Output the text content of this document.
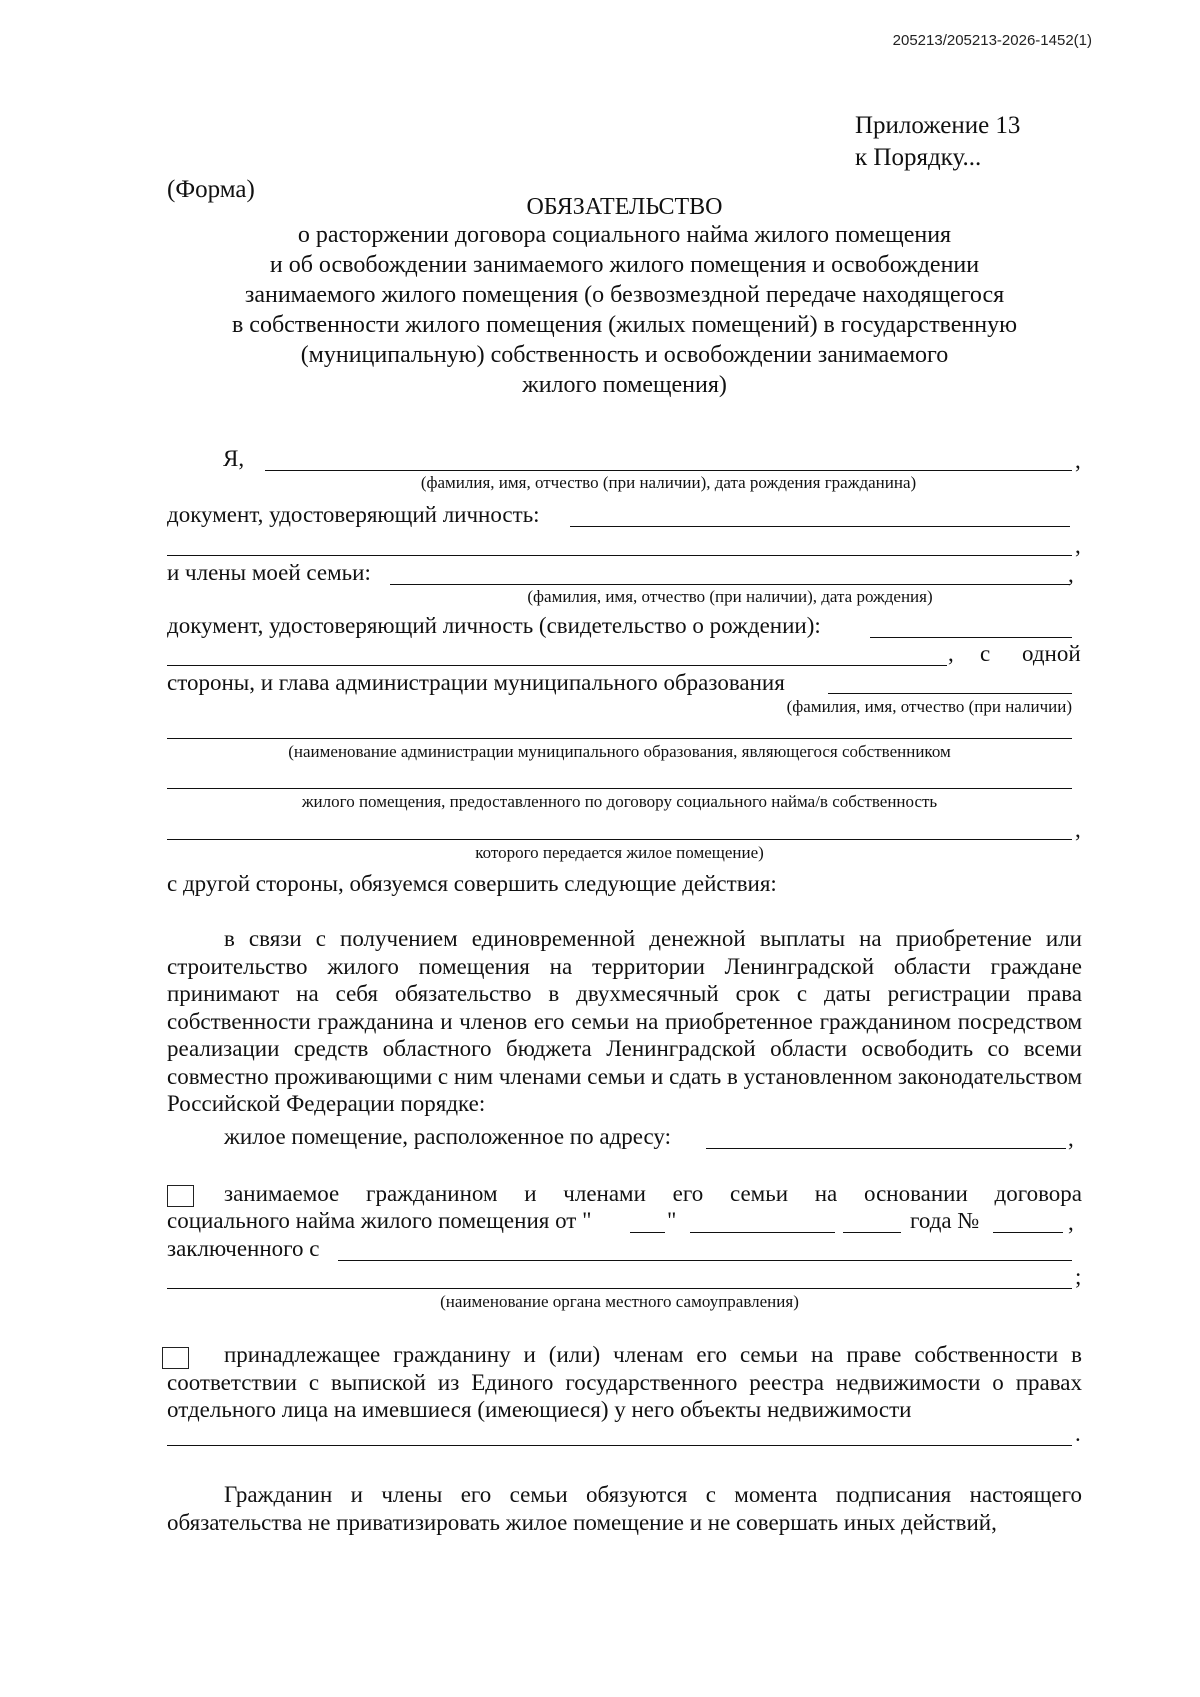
205213/205213-2026-1452(1)
Приложение 13
к Порядку...
(Форма)
ОБЯЗАТЕЛЬСТВО
о расторжении договора социального найма жилого помещения
и об освобождении занимаемого жилого помещения и освобождении
занимаемого жилого помещения (о безвозмездной передаче находящегося
в собственности жилого помещения (жилых помещений) в государственную
(муниципальную) собственность и освобождении занимаемого
жилого помещения)
Я,	,
(фамилия, имя, отчество (при наличии), дата рождения гражданина)
документ, удостоверяющий личность:
,
и члены моей семьи:	,
(фамилия, имя, отчество (при наличии), дата рождения)
документ, удостоверяющий личность (свидетельство о рождении):
, с одной
стороны, и глава администрации муниципального образования
(фамилия, имя, отчество (при наличии)
(наименование администрации муниципального образования, являющегося собственником
жилого помещения, предоставленного по договору социального найма/в собственность
,
которого передается жилое помещение)
с другой стороны, обязуемся совершить следующие действия:
в связи с получением единовременной денежной выплаты на приобретение или строительство жилого помещения на территории Ленинградской области граждане принимают на себя обязательство в двухмесячный срок с даты регистрации права собственности гражданина и членов его семьи на приобретенное гражданином посредством реализации средств областного бюджета Ленинградской области освободить со всеми совместно проживающими с ним членами семьи и сдать в установленном законодательством Российской Федерации порядке:
жилое помещение, расположенное по адресу:	,
занимаемое гражданином и членами его семьи на основании договора
социального найма жилого помещения от "	"	года №	,
заключенного с
;
(наименование органа местного самоуправления)
принадлежащее гражданину и (или) членам его семьи на праве собственности в соответствии с выпиской из Единого государственного реестра недвижимости о правах отдельного лица на имевшиеся (имеющиеся) у него объекты недвижимости
.
Гражданин и члены его семьи обязуются с момента подписания настоящего обязательства не приватизировать жилое помещение и не совершать иных действий,
